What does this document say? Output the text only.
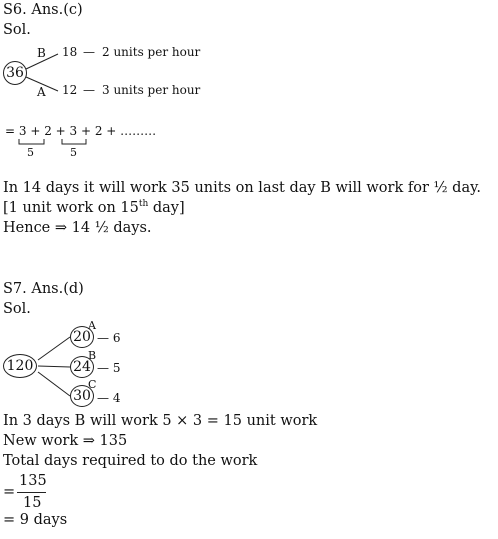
S6. Ans.(c)
Sol.
36
B 18 — 2 units per hour
A 12 — 3 units per hour
= 3 + 2 + 3 + 2 + ………
5	5
In 14 days it will work 35 units on last day B will work for ½ day.
[1 unit work on 15th day]
Hence ⇒ 14 ½ days.
S7. Ans.(d)
Sol.
120
A
20 — 6
B
24 — 5
C
30 — 4
In 3 days B will work 5 × 3 = 15 unit work
New work ⇒ 135
Total days required to do the work
=
135
15
= 9 days
